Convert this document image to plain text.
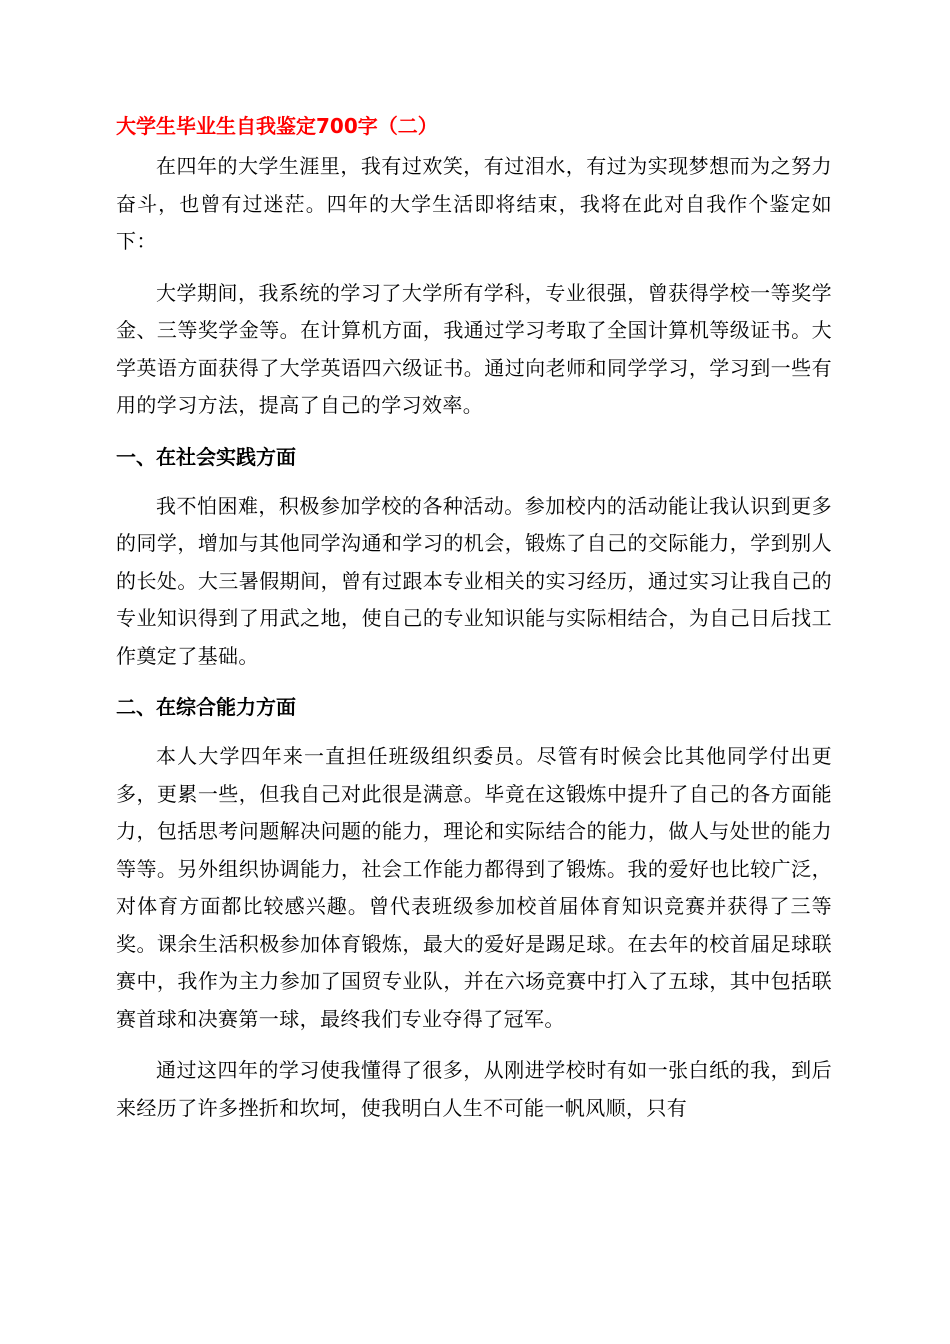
大学生毕业生自我鉴定700字（二）

在四年的大学生涯里，我有过欢笑，有过泪水，有过为实现梦想而为之努力奋斗，也曾有过迷茫。四年的大学生活即将结束，我将在此对自我作个鉴定如下：

大学期间，我系统的学习了大学所有学科，专业很强，曾获得学校一等奖学金、三等奖学金等。在计算机方面，我通过学习考取了全国计算机等级证书。大学英语方面获得了大学英语四六级证书。通过向老师和同学学习，学习到一些有用的学习方法，提高了自己的学习效率。

一、在社会实践方面

我不怕困难，积极参加学校的各种活动。参加校内的活动能让我认识到更多的同学，增加与其他同学沟通和学习的机会，锻炼了自己的交际能力，学到别人的长处。大三暑假期间，曾有过跟本专业相关的实习经历，通过实习让我自己的专业知识得到了用武之地，使自己的专业知识能与实际相结合，为自己日后找工作奠定了基础。

二、在综合能力方面

本人大学四年来一直担任班级组织委员。尽管有时候会比其他同学付出更多，更累一些，但我自己对此很是满意。毕竟在这锻炼中提升了自己的各方面能力，包括思考问题解决问题的能力，理论和实际结合的能力，做人与处世的能力等等。另外组织协调能力，社会工作能力都得到了锻炼。我的爱好也比较广泛，对体育方面都比较感兴趣。曾代表班级参加校首届体育知识竞赛并获得了三等奖。课余生活积极参加体育锻炼，最大的爱好是踢足球。在去年的校首届足球联赛中，我作为主力参加了国贸专业队，并在六场竞赛中打入了五球，其中包括联赛首球和决赛第一球，最终我们专业夺得了冠军。

通过这四年的学习使我懂得了很多，从刚进学校时有如一张白纸的我，到后来经历了许多挫折和坎坷，使我明白人生不可能一帆风顺，只有
